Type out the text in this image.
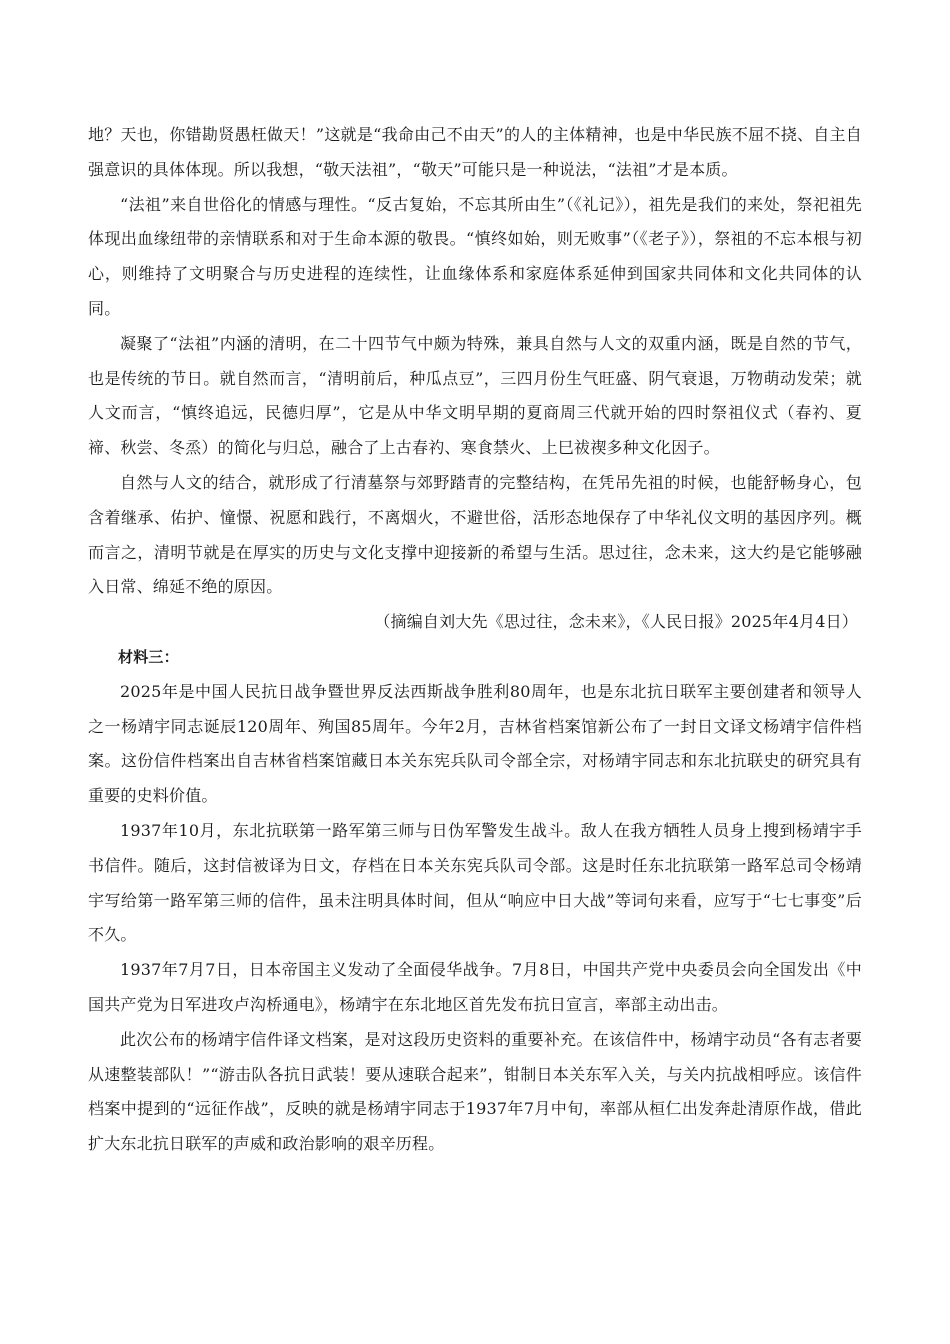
地？天也，你错勘贤愚枉做天！”这就是“我命由己不由天”的人的主体精神，也是中华民族不屈不挠、自主自强意识的具体体现。所以我想，“敬天法祖”，“敬天”可能只是一种说法，“法祖”才是本质。

“法祖”来自世俗化的情感与理性。“反古复始，不忘其所由生”（《礼记》），祖先是我们的来处，祭祀祖先体现出血缘纽带的亲情联系和对于生命本源的敬畏。“慎终如始，则无败事”（《老子》），祭祖的不忘本根与初心，则维持了文明聚合与历史进程的连续性，让血缘体系和家庭体系延伸到国家共同体和文化共同体的认同。

凝聚了“法祖”内涵的清明，在二十四节气中颇为特殊，兼具自然与人文的双重内涵，既是自然的节气，也是传统的节日。就自然而言，“清明前后，种瓜点豆”，三四月份生气旺盛、阴气衰退，万物萌动发荣；就人文而言，“慎终追远，民德归厚”，它是从中华文明早期的夏商周三代就开始的四时祭祖仪式（春礿、夏禘、秋尝、冬烝）的简化与归总，融合了上古春礿、寒食禁火、上巳祓禊多种文化因子。

自然与人文的结合，就形成了行清墓祭与郊野踏青的完整结构，在凭吊先祖的时候，也能舒畅身心，包含着继承、佑护、憧憬、祝愿和践行，不离烟火，不避世俗，活形态地保存了中华礼仪文明的基因序列。概而言之，清明节就是在厚实的历史与文化支撑中迎接新的希望与生活。思过往，念未来，这大约是它能够融入日常、绵延不绝的原因。

（摘编自刘大先《思过往，念未来》，《人民日报》2025年4月4日）

材料三：

2025年是中国人民抗日战争暨世界反法西斯战争胜利80周年，也是东北抗日联军主要创建者和领导人之一杨靖宇同志诞辰120周年、殉国85周年。今年2月，吉林省档案馆新公布了一封日文译文杨靖宇信件档案。这份信件档案出自吉林省档案馆藏日本关东宪兵队司令部全宗，对杨靖宇同志和东北抗联史的研究具有重要的史料价值。

1937年10月，东北抗联第一路军第三师与日伪军警发生战斗。敌人在我方牺牲人员身上搜到杨靖宇手书信件。随后，这封信被译为日文，存档在日本关东宪兵队司令部。这是时任东北抗联第一路军总司令杨靖宇写给第一路军第三师的信件，虽未注明具体时间，但从“响应中日大战”等词句来看，应写于“七七事变”后不久。

1937年7月7日，日本帝国主义发动了全面侵华战争。7月8日，中国共产党中央委员会向全国发出《中国共产党为日军进攻卢沟桥通电》，杨靖宇在东北地区首先发布抗日宣言，率部主动出击。

此次公布的杨靖宇信件译文档案，是对这段历史资料的重要补充。在该信件中，杨靖宇动员“各有志者要从速整装部队！”“游击队各抗日武装！要从速联合起来”，钳制日本关东军入关，与关内抗战相呼应。该信件档案中提到的“远征作战”，反映的就是杨靖宇同志于1937年7月中旬，率部从桓仁出发奔赴清原作战，借此扩大东北抗日联军的声威和政治影响的艰辛历程。
